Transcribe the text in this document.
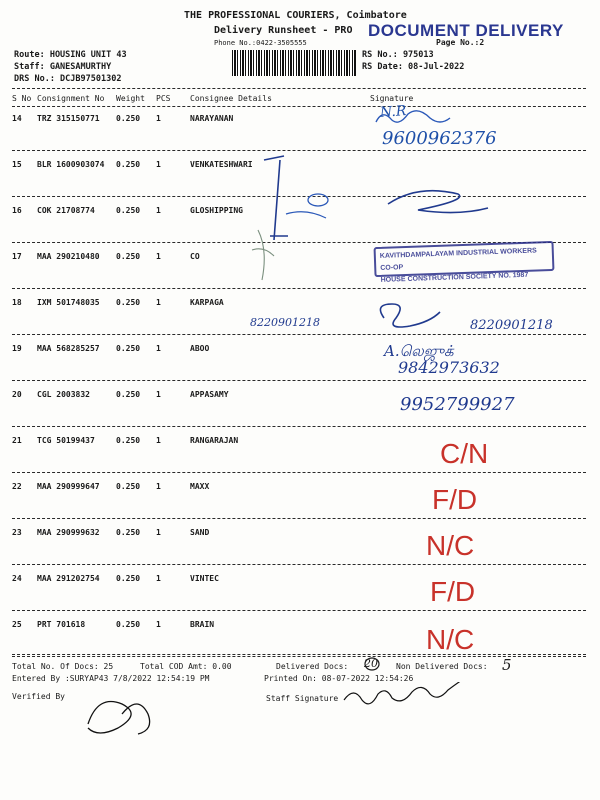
THE PROFESSIONAL COURIERS, Coimbatore
Delivery Runsheet - PRO
Phone No.:0422-3505555	Page No.:2
DOCUMENT DELIVERY
Route: HOUSING UNIT 43
Staff: GANESAMURTHY
DRS No.: DCJB97501302
RS No.: 975013
RS Date: 08-Jul-2022
S No Consignment No Weight PCS Consignee Details	Signature
14 TRZ 315150771 0.250 1	NARAYANAN
15 BLR 1600903074 0.250 1	VENKATESHWARI
16 COK 21708774	0.250 1	GLOSHIPPING
17 MAA 290210480 0.250 1	CO
18 IXM 501748035 0.250 1	KARPAGA
19 MAA 568285257 0.250 1	ABOO
20 CGL 2003832	0.250 1	APPASAMY
21 TCG 50199437	0.250 1	RANGARAJAN
22 MAA 290999647 0.250 1	MAXX
23 MAA 290999632 0.250 1	SAND
24 MAA 291202754 0.250 1	VINTEC
25 PRT 701618	0.250 1	BRAIN
N.R
9600962376
KAVITHDAMPALAYAM INDUSTRIAL WORKERS CO-OP
HOUSE CONSTRUCTION SOCIETY NO. 1987
8220901218	8220901218
A.லெஜுக்
9842973632
9952799927
C/N
F/D
N/C
F/D
N/C
Total No. Of Docs: 25	Total COD Amt: 0.00	Delivered Docs: 20 Non Delivered Docs: 5
Entered By :SURYAP43 7/8/2022 12:54:19 PM	Printed On: 08-07-2022 12:54:26
Verified By	Staff Signature
